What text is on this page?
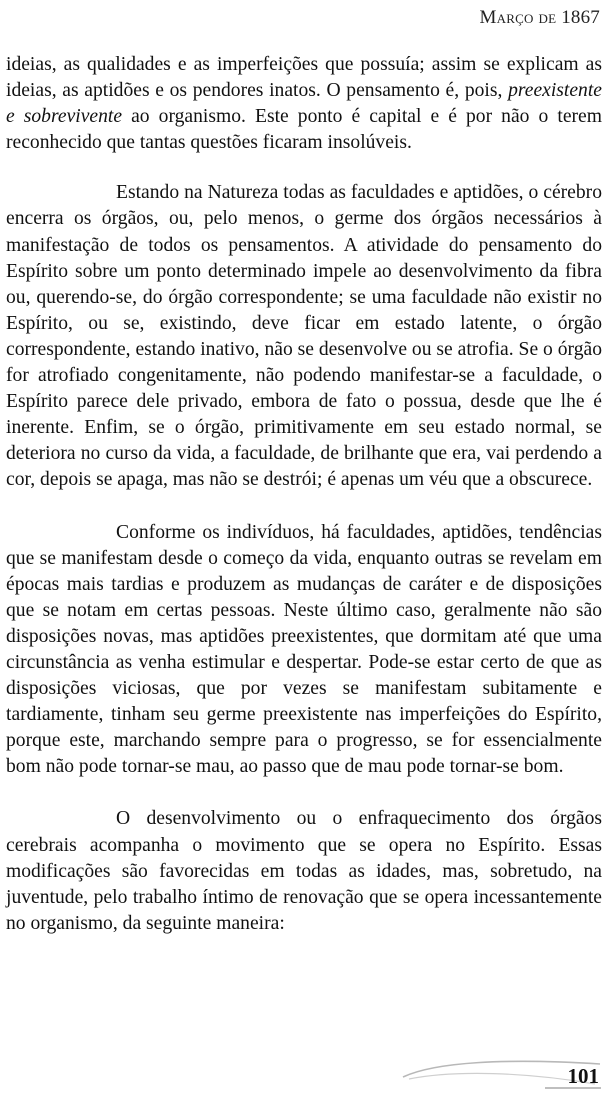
Março de 1867

ideias, as qualidades e as imperfeições que possuía; assim se explicam as ideias, as aptidões e os pendores inatos. O pensamento é, pois, preexistente e sobrevivente ao organismo. Este ponto é capital e é por não o terem reconhecido que tantas questões ficaram insolúveis.

Estando na Natureza todas as faculdades e aptidões, o cérebro encerra os órgãos, ou, pelo menos, o germe dos órgãos necessários à manifestação de todos os pensamentos. A atividade do pensamento do Espírito sobre um ponto determinado impele ao desenvolvimento da fibra ou, querendo-se, do órgão correspondente; se uma faculdade não existir no Espírito, ou se, existindo, deve ficar em estado latente, o órgão correspondente, estando inativo, não se desenvolve ou se atrofia. Se o órgão for atrofiado congenitamente, não podendo manifestar-se a faculdade, o Espírito parece dele privado, embora de fato o possua, desde que lhe é inerente. Enfim, se o órgão, primitivamente em seu estado normal, se deteriora no curso da vida, a faculdade, de brilhante que era, vai perdendo a cor, depois se apaga, mas não se destrói; é apenas um véu que a obscurece.

Conforme os indivíduos, há faculdades, aptidões, tendências que se manifestam desde o começo da vida, enquanto outras se revelam em épocas mais tardias e produzem as mudanças de caráter e de disposições que se notam em certas pessoas. Neste último caso, geralmente não são disposições novas, mas aptidões preexistentes, que dormitam até que uma circunstância as venha estimular e despertar. Pode-se estar certo de que as disposições viciosas, que por vezes se manifestam subitamente e tardiamente, tinham seu germe preexistente nas imperfeições do Espírito, porque este, marchando sempre para o progresso, se for essencialmente bom não pode tornar-se mau, ao passo que de mau pode tornar-se bom.

O desenvolvimento ou o enfraquecimento dos órgãos cerebrais acompanha o movimento que se opera no Espírito. Essas modificações são favorecidas em todas as idades, mas, sobretudo, na juventude, pelo trabalho íntimo de renovação que se opera incessantemente no organismo, da seguinte maneira:

101
